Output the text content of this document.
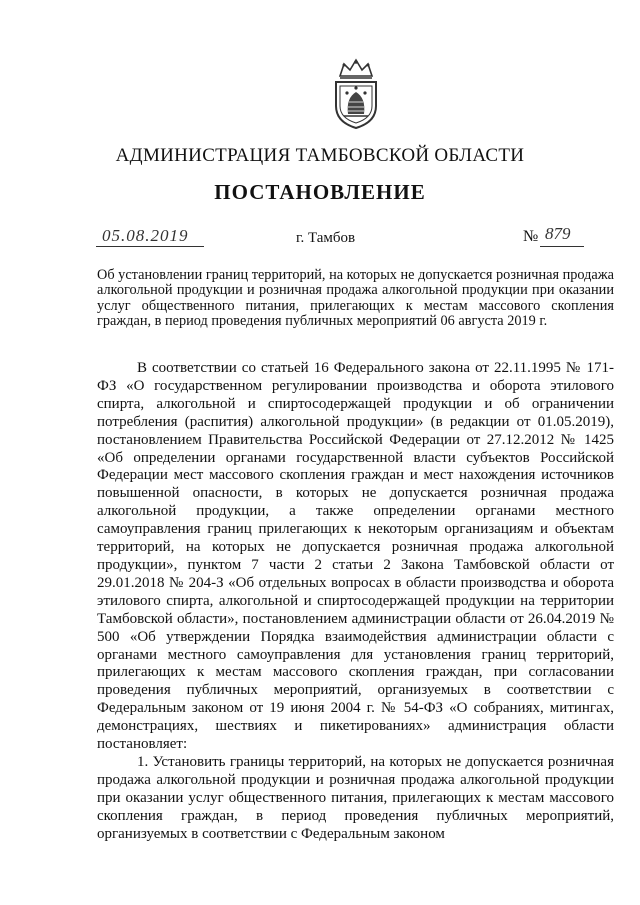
АДМИНИСТРАЦИЯ ТАМБОВСКОЙ ОБЛАСТИ
ПОСТАНОВЛЕНИЕ
05.08.2019	г. Тамбов	№ 879
Об установлении границ территорий, на которых не допускается розничная продажа алкогольной продукции и розничная продажа алкогольной продукции при оказании услуг общественного питания, прилегающих к местам массового скопления граждан, в период проведения публичных мероприятий 06 августа 2019 г.

В соответствии со статьей 16 Федерального закона от 22.11.1995 № 171-ФЗ «О государственном регулировании производства и оборота этилового спирта, алкогольной и спиртосодержащей продукции и об ограничении потребления (распития) алкогольной продукции» (в редакции от 01.05.2019), постановлением Правительства Российской Федерации от 27.12.2012 № 1425 «Об определении органами государственной власти субъектов Российской Федерации мест массового скопления граждан и мест нахождения источников повышенной опасности, в которых не допускается розничная продажа алкогольной продукции, а также определении органами местного самоуправления границ прилегающих к некоторым организациям и объектам территорий, на которых не допускается розничная продажа алкогольной продукции», пунктом 7 части 2 статьи 2 Закона Тамбовской области от 29.01.2018 № 204-З «Об отдельных вопросах в области производства и оборота этилового спирта, алкогольной и спиртосодержащей продукции на территории Тамбовской области», постановлением администрации области от 26.04.2019 № 500 «Об утверждении Порядка взаимодействия администрации области с органами местного самоуправления для установления границ территорий, прилегающих к местам массового скопления граждан, при согласовании проведения публичных мероприятий, организуемых в соответствии с Федеральным законом от 19 июня 2004 г. № 54-ФЗ «О собраниях, митингах, демонстрациях, шествиях и пикетированиях» администрация области постановляет:

1. Установить границы территорий, на которых не допускается розничная продажа алкогольной продукции и розничная продажа алкогольной продукции при оказании услуг общественного питания, прилегающих к местам массового скопления граждан, в период проведения публичных мероприятий, организуемых в соответствии с Федеральным законом
